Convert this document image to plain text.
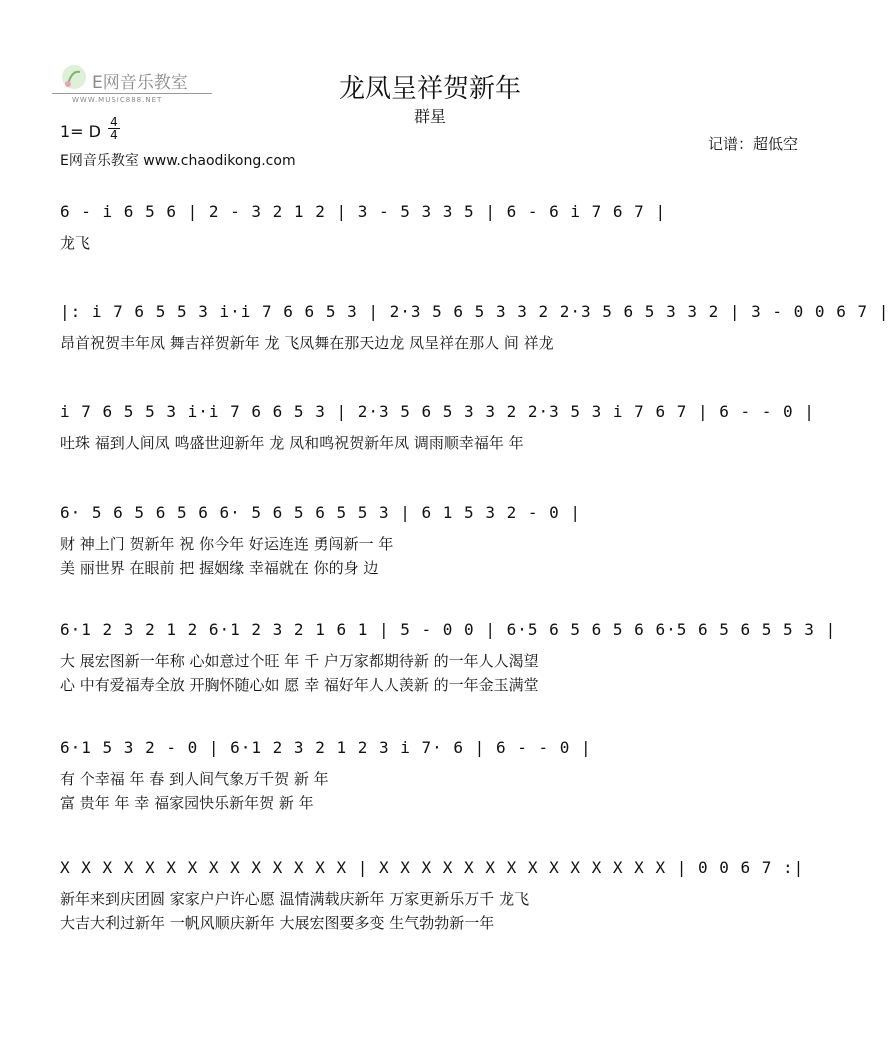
E网音乐教室
WWW.MUSIC888.NET	龙凤呈祥贺新年
群星
1= D 4
4	记谱：超低空
E网音乐教室 www.chaodikong.com
6 - i 6 5 6 | 2 - 3 2 1 2 | 3 - 5 3 3 5 | 6 - 6 i 7 6 7 |
龙飞
|: i 7 6 5 5 3 i·i 7 6 6 5 3 | 2·3 5 6 5 3 3 2 2·3 5 6 5 3 3 2 | 3 - 0 0 6 7 |
昂首祝贺丰年凤 舞吉祥贺新年 龙 飞凤舞在那天边龙 凤呈祥在那人 间 祥龙
i 7 6 5 5 3 i·i 7 6 6 5 3 | 2·3 5 6 5 3 3 2 2·3 5 3 i 7 6 7 | 6 - - 0 |
吐珠 福到人间凤 鸣盛世迎新年 龙 凤和鸣祝贺新年凤 调雨顺幸福年 年
6· 5 6 5 6 5 6 6· 5 6 5 6 5 5 3 | 6 1 5 3 2 - 0 |
财 神上门 贺新年 祝 你今年 好运连连 勇闯新一 年
美 丽世界 在眼前 把 握姻缘 幸福就在 你的身 边
6·1 2 3 2 1 2 6·1 2 3 2 1 6 1 | 5 - 0 0 | 6·5 6 5 6 5 6 6·5 6 5 6 5 5 3 |
大 展宏图新一年称 心如意过个旺 年 千 户万家都期待新 的一年人人渴望
心 中有爱福寿全放 开胸怀随心如 愿 幸 福好年人人羡新 的一年金玉满堂
6·1 5 3 2 - 0 | 6·1 2 3 2 1 2 3 i 7· 6 | 6 - - 0 |
有 个幸福 年 春 到人间气象万千贺 新 年
富 贵年 年 幸 福家园快乐新年贺 新 年
X X X X X X X X X X X X X X | X X X X X X X X X X X X X X | 0 0 6 7 :|
新年来到庆团圆 家家户户许心愿 温情满载庆新年 万家更新乐万千 龙飞
大吉大利过新年 一帆风顺庆新年 大展宏图要多变 生气勃勃新一年
